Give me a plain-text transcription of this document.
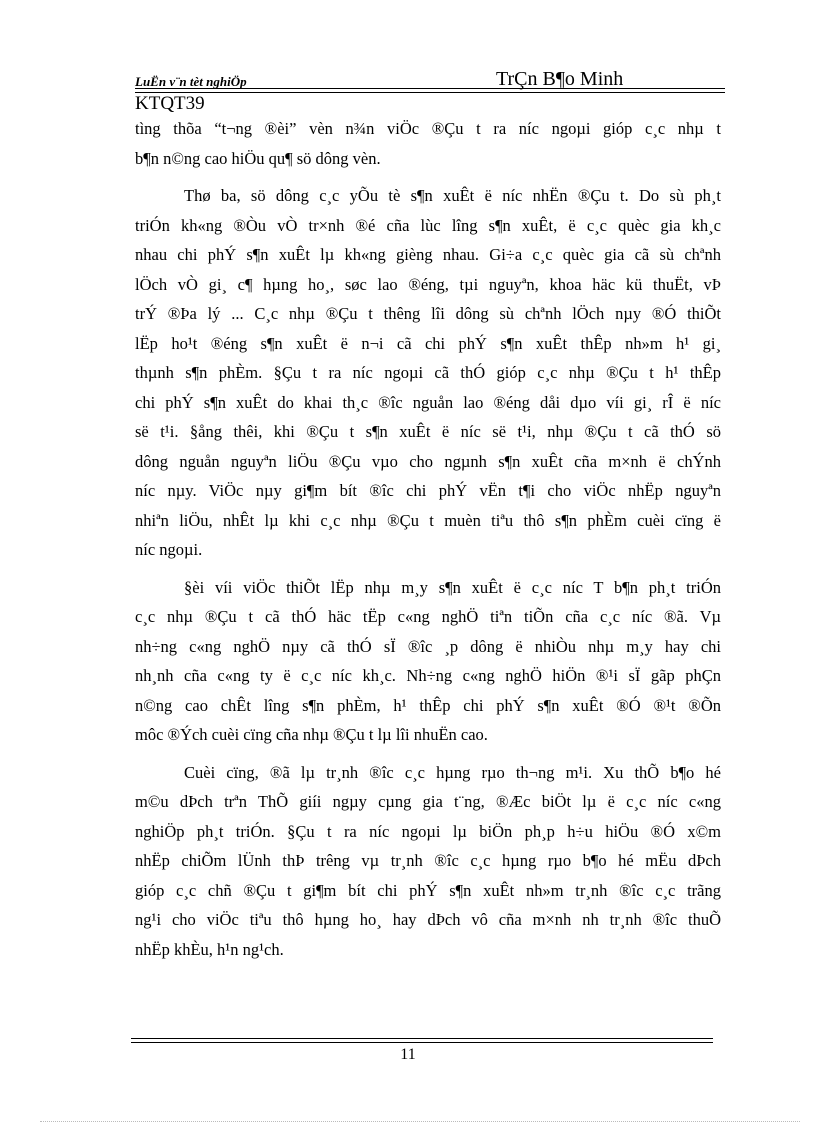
LuËn v¨n tèt nghiÖp	TrÇn B¶o Minh
KTQT39
tìng thõa “t¬ng ®èi” vèn n¾n viÖc ®Çu t ra níc ngoµi gióp c¸c nhµ t
b¶n n©ng cao hiÖu qu¶ sö dông vèn.
Thø ba, sö dông c¸c yÕu tè s¶n xuÊt ë níc nhËn ®Çu t. Do sù ph¸t
triÓn kh«ng ®Òu vÒ tr×nh ®é cña lùc lîng s¶n xuÊt, ë c¸c quèc gia kh¸c
nhau chi phÝ s¶n xuÊt lµ kh«ng gièng nhau. Gi÷a c¸c quèc gia cã sù chªnh
lÖch vÒ gi¸ c¶ hµng ho¸, søc lao ®éng, tµi nguyªn, khoa häc kü thuËt, vÞ
trÝ ®Þa lý ... C¸c nhµ ®Çu t thêng lîi dông sù chªnh lÖch nµy ®Ó thiÕt
lËp ho¹t ®éng s¶n xuÊt ë n¬i cã chi phÝ s¶n xuÊt thÊp nh»m h¹ gi¸
thµnh s¶n phÈm. §Çu t ra níc ngoµi cã thÓ gióp c¸c nhµ ®Çu t h¹ thÊp
chi phÝ s¶n xuÊt do khai th¸c ®îc nguån lao ®éng dåi dµo víi gi¸ rÎ ë níc
së t¹i. §ång thêi, khi ®Çu t s¶n xuÊt ë níc së t¹i, nhµ ®Çu t cã thÓ sö
dông nguån nguyªn liÖu ®Çu vµo cho ngµnh s¶n xuÊt cña m×nh ë chÝnh
níc nµy. ViÖc nµy gi¶m bít ®îc chi phÝ vËn t¶i cho viÖc nhËp nguyªn
nhiªn liÖu, nhÊt lµ khi c¸c nhµ ®Çu t muèn tiªu thô s¶n phÈm cuèi cïng ë
níc ngoµi.
§èi víi viÖc thiÕt lËp nhµ m¸y s¶n xuÊt ë c¸c níc T b¶n ph¸t triÓn
c¸c nhµ ®Çu t cã thÓ häc tËp c«ng nghÖ tiªn tiÕn cña c¸c níc ®ã. Vµ
nh÷ng c«ng nghÖ nµy cã thÓ sÏ ®îc ¸p dông ë nhiÒu nhµ m¸y hay chi
nh¸nh cña c«ng ty ë c¸c níc kh¸c. Nh÷ng c«ng nghÖ hiÖn ®¹i sÏ gãp phÇn
n©ng cao chÊt lîng s¶n phÈm, h¹ thÊp chi phÝ s¶n xuÊt ®Ó ®¹t ®Õn
môc ®Ých cuèi cïng cña nhµ ®Çu t lµ lîi nhuËn cao.
Cuèi cïng, ®ã lµ tr¸nh ®îc c¸c hµng rµo th¬ng m¹i. Xu thÕ b¶o hé
m©u dÞch trªn ThÕ giíi ngµy cµng gia t¨ng, ®Æc biÖt lµ ë c¸c níc c«ng
nghiÖp ph¸t triÓn. §Çu t ra níc ngoµi lµ biÖn ph¸p h÷u hiÖu ®Ó x©m
nhËp chiÕm lÜnh thÞ trêng vµ tr¸nh ®îc c¸c hµng rµo b¶o hé mËu dÞch
gióp c¸c chñ ®Çu t gi¶m bít chi phÝ s¶n xuÊt nh»m tr¸nh ®îc c¸c trãng
ng¹i cho viÖc tiªu thô hµng ho¸ hay dÞch vô cña m×nh nh tr¸nh ®îc thuÕ
nhËp khÈu, h¹n ng¹ch.
11
